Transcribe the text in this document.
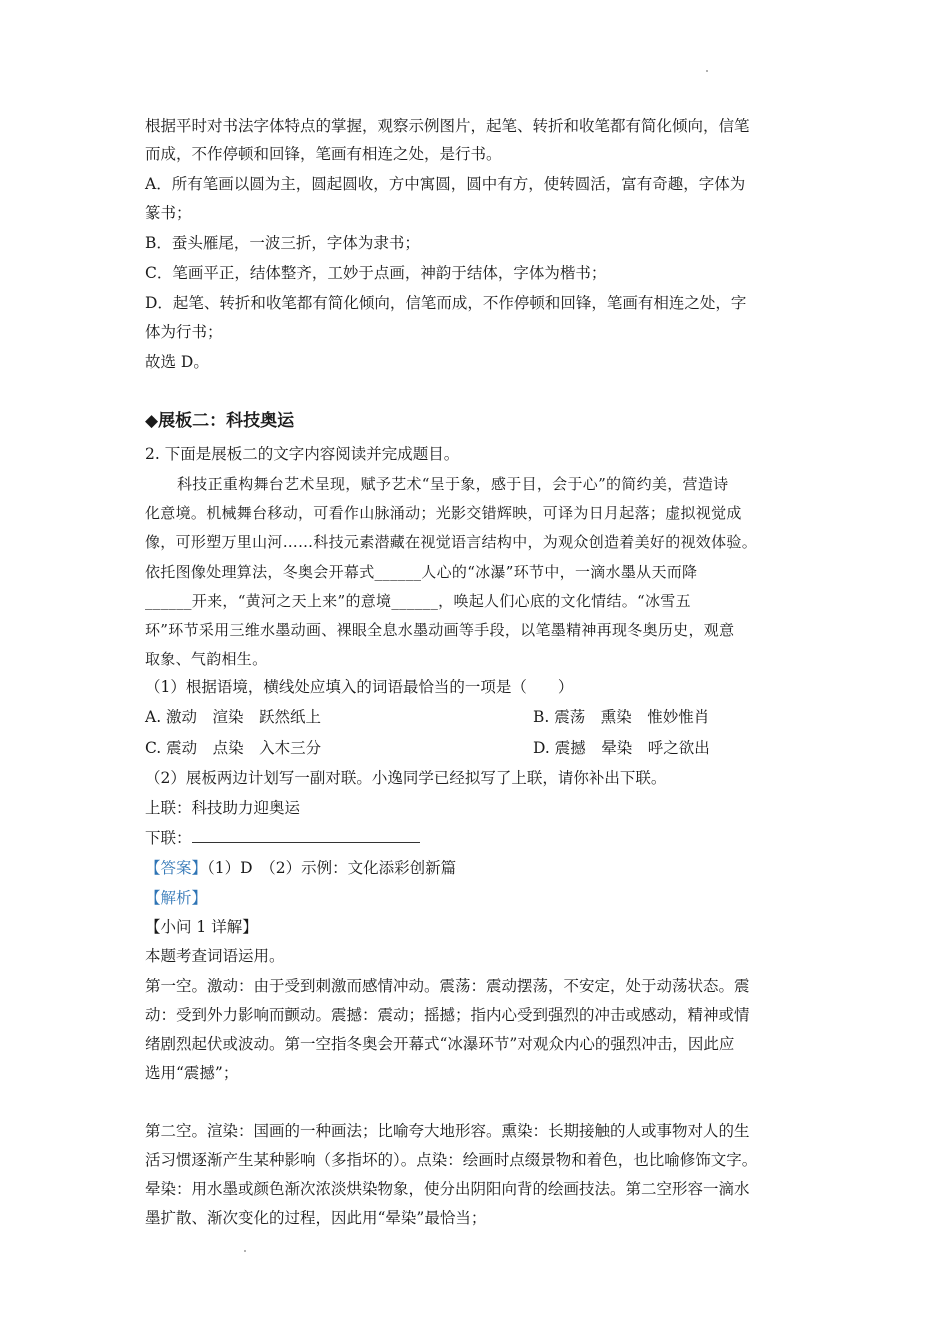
根据平时对书法字体特点的掌握，观察示例图片，起笔、转折和收笔都有简化倾向，信笔
而成，不作停顿和回锋，笔画有相连之处，是行书。
A．所有笔画以圆为主，圆起圆收，方中寓圆，圆中有方，使转圆活，富有奇趣，字体为
篆书；
B．蚕头雁尾，一波三折，字体为隶书；
C．笔画平正，结体整齐，工妙于点画，神韵于结体，字体为楷书；
D．起笔、转折和收笔都有简化倾向，信笔而成，不作停顿和回锋，笔画有相连之处，字
体为行书；
故选 D。
◆展板二：科技奥运
2. 下面是展板二的文字内容阅读并完成题目。
科技正重构舞台艺术呈现，赋予艺术“呈于象，感于目，会于心”的简约美，营造诗
化意境。机械舞台移动，可看作山脉涌动；光影交错辉映，可译为日月起落；虚拟视觉成
像，可形塑万里山河……科技元素潜藏在视觉语言结构中，为观众创造着美好的视效体验。
依托图像处理算法，冬奥会开幕式______人心的“冰瀑”环节中，一滴水墨从天而降
______开来，“黄河之天上来”的意境______，唤起人们心底的文化情结。“冰雪五
环”环节采用三维水墨动画、裸眼全息水墨动画等手段，以笔墨精神再现冬奥历史，观意
取象、气韵相生。
（1）根据语境，横线处应填入的词语最恰当的一项是（　　）
A. 激动　渲染　跃然纸上	B. 震荡　熏染　惟妙惟肖
C. 震动　点染　入木三分	D. 震撼　晕染　呼之欲出
（2）展板两边计划写一副对联。小逸同学已经拟写了上联，请你补出下联。
上联：科技助力迎奥运
下联：
【答案】（1）D　（2）示例：文化添彩创新篇
【解析】
【小问 1 详解】
本题考查词语运用。
第一空。激动：由于受到刺激而感情冲动。震荡：震动摆荡，不安定，处于动荡状态。震
动：受到外力影响而颤动。震撼：震动；摇撼；指内心受到强烈的冲击或感动，精神或情
绪剧烈起伏或波动。第一空指冬奥会开幕式“冰瀑环节”对观众内心的强烈冲击，因此应
选用“震撼”；
第二空。渲染：国画的一种画法；比喻夸大地形容。熏染：长期接触的人或事物对人的生
活习惯逐渐产生某种影响（多指坏的）。点染：绘画时点缀景物和着色，也比喻修饰文字。
晕染：用水墨或颜色渐次浓淡烘染物象，使分出阴阳向背的绘画技法。第二空形容一滴水
墨扩散、渐次变化的过程，因此用“晕染”最恰当；
